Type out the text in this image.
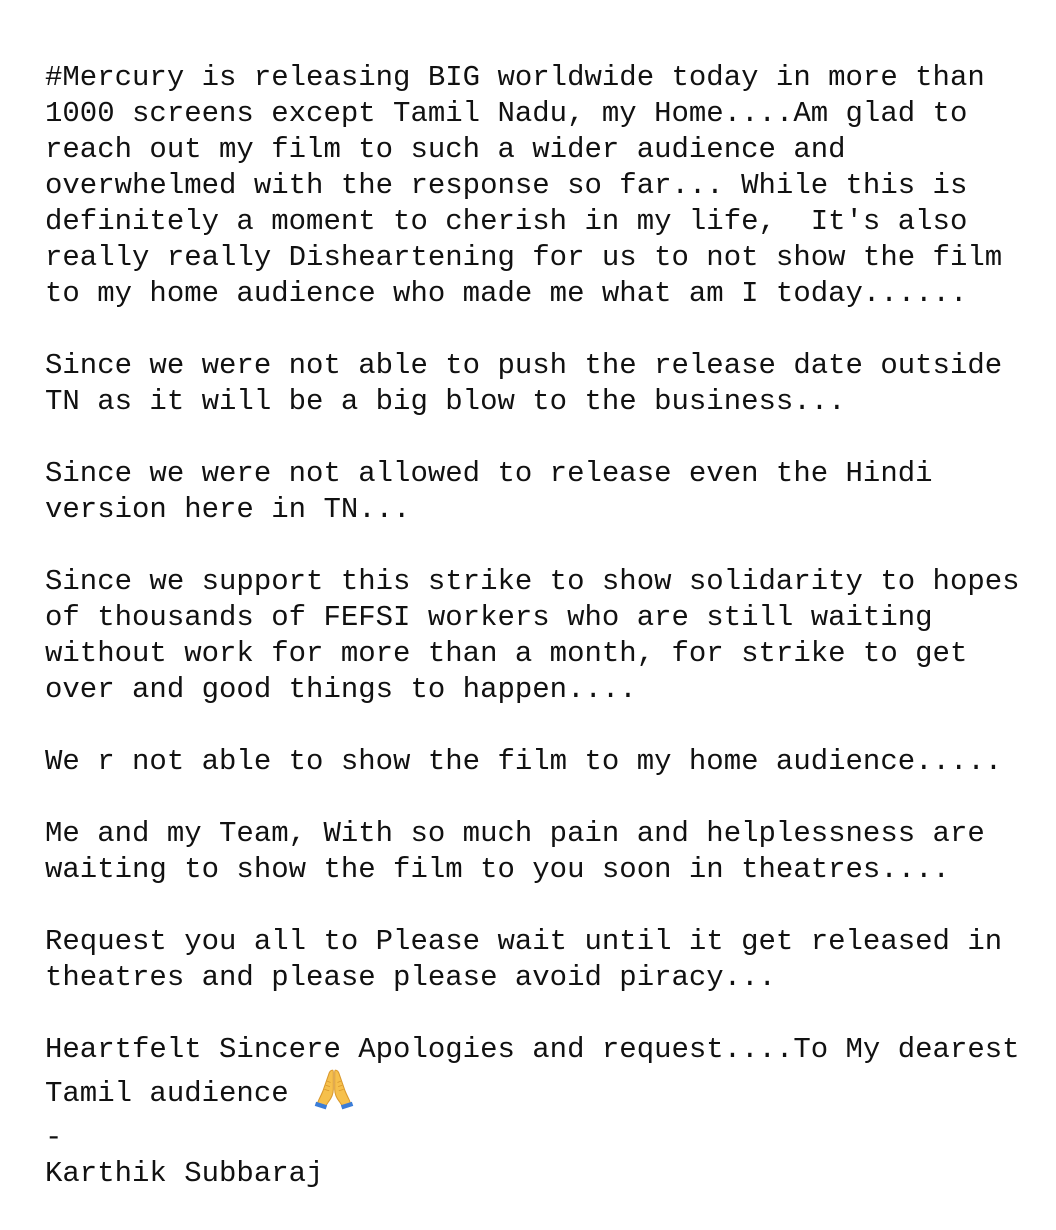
#Mercury is releasing BIG worldwide today in more than
1000 screens except Tamil Nadu, my Home....Am glad to
reach out my film to such a wider audience and
overwhelmed with the response so far... While this is
definitely a moment to cherish in my life,  It's also
really really Disheartening for us to not show the film
to my home audience who made me what am I today......
Since we were not able to push the release date outside
TN as it will be a big blow to the business...
Since we were not allowed to release even the Hindi
version here in TN...
Since we support this strike to show solidarity to hopes
of thousands of FEFSI workers who are still waiting
without work for more than a month, for strike to get
over and good things to happen....
We r not able to show the film to my home audience.....
Me and my Team, With so much pain and helplessness are
waiting to show the film to you soon in theatres....
Request you all to Please wait until it get released in
theatres and please please avoid piracy...
Heartfelt Sincere Apologies and request....To My dearest
Tamil audience
-
Karthik Subbaraj
